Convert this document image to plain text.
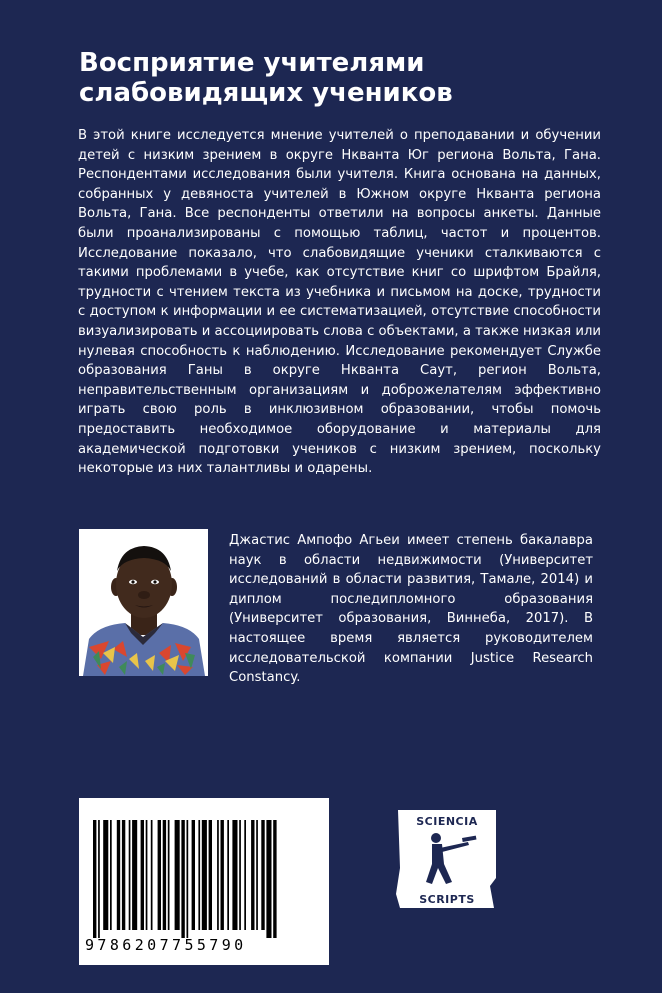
Восприятие учителями
слабовидящих учеников

В этой книге исследуется мнение учителей о преподавании и обучении детей с низким зрением в округе Нкванта Юг региона Вольта, Гана. Респондентами исследования были учителя. Книга основана на данных, собранных у девяноста учителей в Южном округе Нкванта региона Вольта, Гана. Все респонденты ответили на вопросы анкеты. Данные были проанализированы с помощью таблиц, частот и процентов. Исследование показало, что слабовидящие ученики сталкиваются с такими проблемами в учебе, как отсутствие книг со шрифтом Брайля, трудности с чтением текста из учебника и письмом на доске, трудности с доступом к информации и ее систематизацией, отсутствие способности визуализировать и ассоциировать слова с объектами, а также низкая или нулевая способность к наблюдению. Исследование рекомендует Службе образования Ганы в округе Нкванта Саут, регион Вольта, неправительственным организациям и доброжелателям эффективно играть свою роль в инклюзивном образовании, чтобы помочь предоставить необходимое оборудование и материалы для академической подготовки учеников с низким зрением, поскольку некоторые из них талантливы и одарены.

Джастис Ампофо Агьеи имеет степень бакалавра наук в области недвижимости (Университет исследований в области развития, Тамале, 2014) и диплом последипломного образования (Университет образования, Виннеба, 2017). В настоящее время является руководителем исследовательской компании Justice Research Constancy.

9786207755790
SCIENCIA
SCRIPTS
